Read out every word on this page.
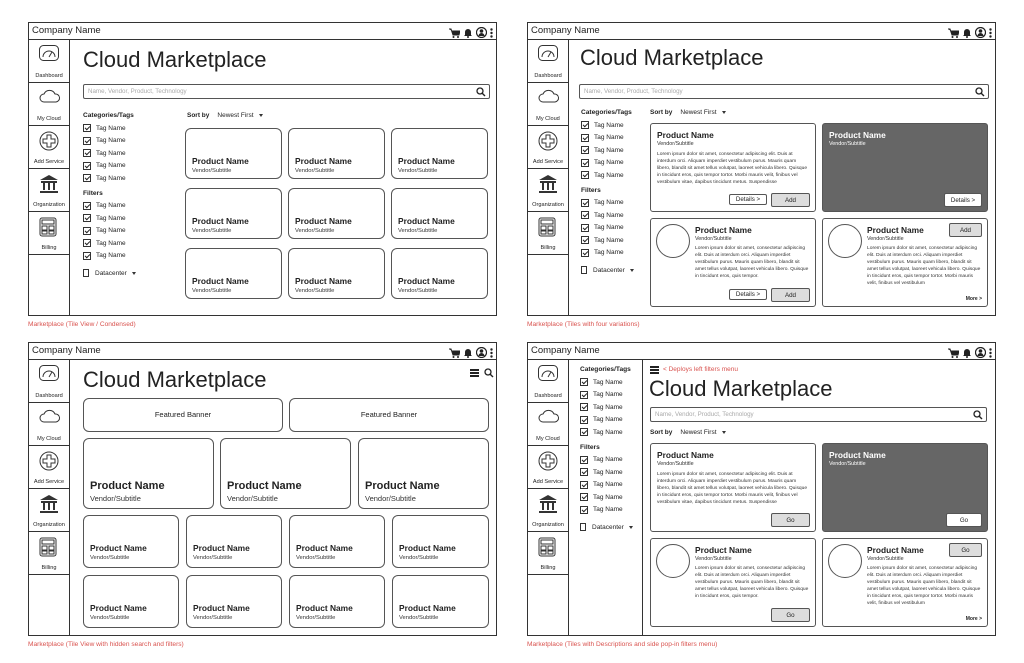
Company Name
Dashboard
My Cloud
Add Service
Organization
Billing
Cloud Marketplace
Name, Vendor, Product, Technology
Categories/Tags
Tag Name
Tag Name
Tag Name
Tag Name
Tag Name
Filters
Tag Name
Tag Name
Tag Name
Tag Name
Tag Name
Datacenter
Sort by Newest First
Product Name
Vendor/Subtitle
Product Name
Vendor/Subtitle
Product Name
Vendor/Subtitle
Product Name
Vendor/Subtitle
Product Name
Vendor/Subtitle
Product Name
Vendor/Subtitle
Product Name
Vendor/Subtitle
Product Name
Vendor/Subtitle
Product Name
Vendor/Subtitle
Marketplace (Tile View / Condensed)
Company Name
Dashboard
My Cloud
Add Service
Organization
Billing
Cloud Marketplace
Name, Vendor, Product, Technology
Categories/Tags
Tag Name
Tag Name
Tag Name
Tag Name
Tag Name
Filters
Tag Name
Tag Name
Tag Name
Tag Name
Tag Name
Datacenter
Sort by Newest First
Product Name
Vendor/Subtitle
Lorem ipsum dolor sit amet, consectetur adipiscing elit. Duis at interdum orci. Aliquam imperdiet vestibulum purus. Mauris quam libero, blandit sit amet tellus volutpat, laoreet vehicula libero. Quisque in tincidunt eros, quis tempor tortor. Morbi mauris velit, finibus vel vestibulum vitae, dapibus tincidunt metus. Suspendisse
Details >	Add
Product Name
Vendor/Subtitle
Details >
Product Name
Vendor/Subtitle
Lorem ipsum dolor sit amet, consectetur adipiscing elit. Duis at interdum orci. Aliquam imperdiet vestibulum purus. Mauris quam libero, blandit sit amet tellus volutpat, laoreet vehicula libero. Quisque in tincidunt eros, quis tempor.
Details >	Add
Product Name
Vendor/Subtitle
Lorem ipsum dolor sit amet, consectetur adipiscing elit. Duis at interdum orci. Aliquam imperdiet vestibulum purus. Mauris quam libero, blandit sit amet tellus volutpat, laoreet vehicula libero. Quisque in tincidunt eros, quis tempor tortor. Morbi mauris velit, finibus vel vestibulum
Add
More >
Marketplace (Tiles with four variations)
Company Name
Dashboard
My Cloud
Add Service
Organization
Billing
Cloud Marketplace
Featured Banner	Featured Banner
Product Name
Vendor/Subtitle
Product Name
Vendor/Subtitle
Product Name
Vendor/Subtitle
Product Name
Vendor/Subtitle
Product Name
Vendor/Subtitle
Product Name
Vendor/Subtitle
Product Name
Vendor/Subtitle
Product Name
Vendor/Subtitle
Product Name
Vendor/Subtitle
Product Name
Vendor/Subtitle
Product Name
Vendor/Subtitle
Marketplace (Tile View with hidden search and filters)
Company Name
Dashboard
My Cloud
Add Service
Organization
Billing
Categories/Tags
Tag Name
Tag Name
Tag Name
Tag Name
Tag Name
Filters
Tag Name
Tag Name
Tag Name
Tag Name
Tag Name
Datacenter
< Deploys left filters menu
Cloud Marketplace
Name, Vendor, Product, Technology
Sort by Newest First
Product Name
Vendor/Subtitle
Lorem ipsum dolor sit amet, consectetur adipiscing elit. Duis at interdum orci. Aliquam imperdiet vestibulum purus. Mauris quam libero, blandit sit amet tellus volutpat, laoreet vehicula libero. Quisque in tincidunt eros, quis tempor tortor. Morbi mauris velit, finibus vel vestibulum vitae, dapibus tincidunt metus. Suspendisse
Go
Product Name
Vendor/Subtitle
Go
Product Name
Vendor/Subtitle
Lorem ipsum dolor sit amet, consectetur adipiscing elit. Duis at interdum orci. Aliquam imperdiet vestibulum purus. Mauris quam libero, blandit sit amet tellus volutpat, laoreet vehicula libero. Quisque in tincidunt eros, quis tempor.
Go
Product Name
Vendor/Subtitle
Lorem ipsum dolor sit amet, consectetur adipiscing elit. Duis at interdum orci. Aliquam imperdiet vestibulum purus. Mauris quam libero, blandit sit amet tellus volutpat, laoreet vehicula libero. Quisque in tincidunt eros, quis tempor tortor. Morbi mauris velit, finibus vel vestibulum
Go
More >
Marketplace (Tiles with Descriptions and side pop-in filters menu)
